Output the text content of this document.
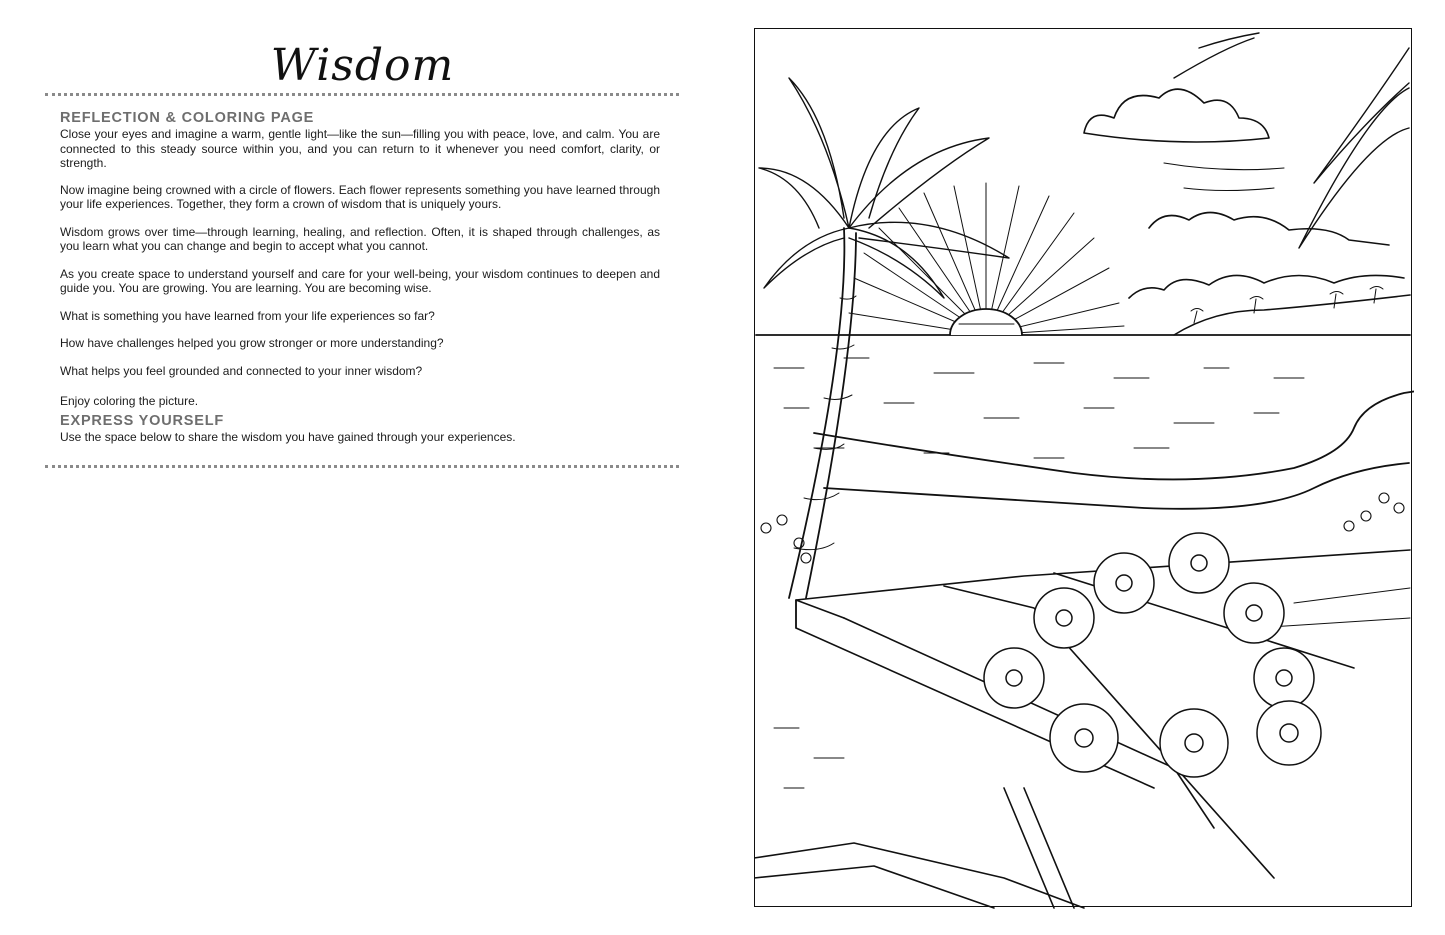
Wisdom
REFLECTION & COLORING PAGE

Close your eyes and imagine a warm, gentle light—like the sun—filling you with peace, love, and calm. You are connected to this steady source within you, and you can return to it whenever you need comfort, clarity, or strength.

Now imagine being crowned with a circle of flowers. Each flower represents something you have learned through your life experiences. Together, they form a crown of wisdom that is uniquely yours.

Wisdom grows over time—through learning, healing, and reflection. Often, it is shaped through challenges, as you learn what you can change and begin to accept what you cannot.

As you create space to understand yourself and care for your well-being, your wisdom continues to deepen and guide you. You are growing. You are learning. You are becoming wise.

What is something you have learned from your life experiences so far?

How have challenges helped you grow stronger or more understanding?

What helps you feel grounded and connected to your inner wisdom?

Enjoy coloring the picture.

EXPRESS YOURSELF

Use the space below to share the wisdom you have gained through your experiences.
